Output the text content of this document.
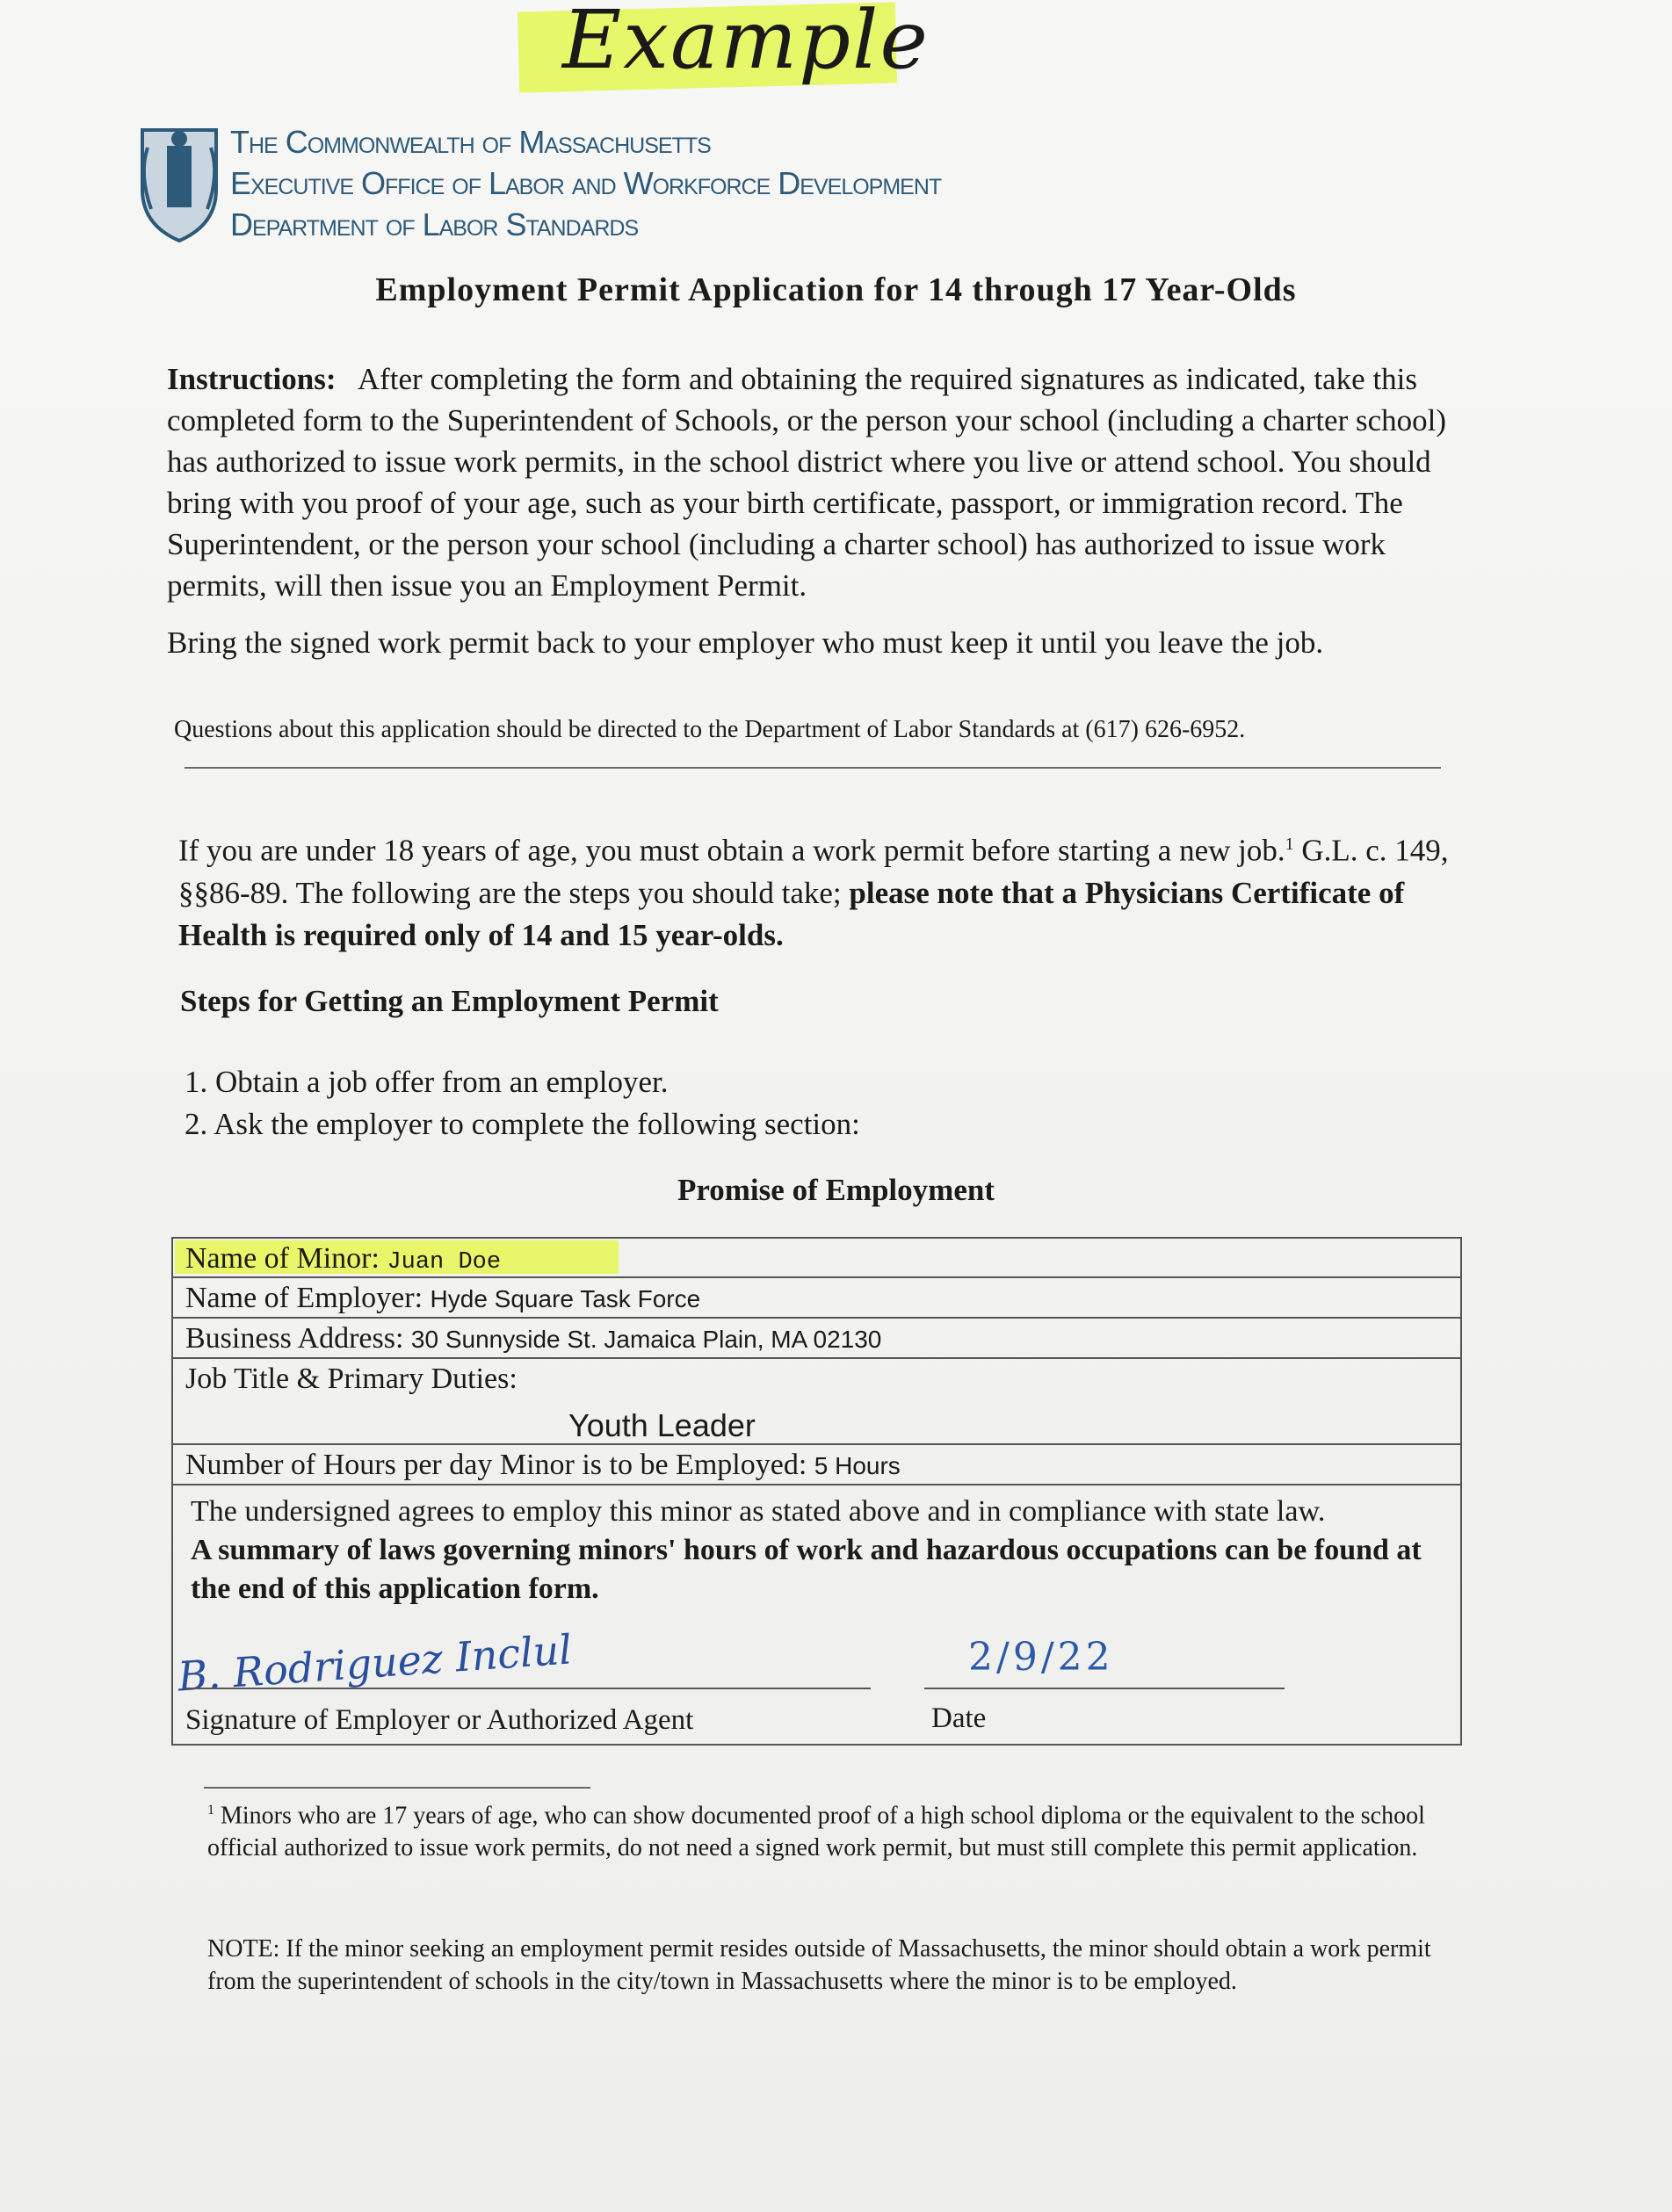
Example
The Commonwealth of Massachusetts
Executive Office of Labor and Workforce Development
Department of Labor Standards
Employment Permit Application for 14 through 17 Year-Olds
Instructions: After completing the form and obtaining the required signatures as indicated, take this completed form to the Superintendent of Schools, or the person your school (including a charter school) has authorized to issue work permits, in the school district where you live or attend school. You should bring with you proof of your age, such as your birth certificate, passport, or immigration record. The Superintendent, or the person your school (including a charter school) has authorized to issue work permits, will then issue you an Employment Permit.
Bring the signed work permit back to your employer who must keep it until you leave the job.
Questions about this application should be directed to the Department of Labor Standards at (617) 626-6952.
If you are under 18 years of age, you must obtain a work permit before starting a new job.$^1$ G.L. c. 149, §§86-89. The following are the steps you should take; please note that a Physicians Certificate of Health is required only of 14 and 15 year-olds.
Steps for Getting an Employment Permit
1. Obtain a job offer from an employer.
2. Ask the employer to complete the following section:
Promise of Employment
Name of Minor: Juan Doe
Name of Employer: Hyde Square Task Force
Business Address: 30 Sunnyside St. Jamaica Plain, MA 02130
Job Title & Primary Duties:
Youth Leader
Number of Hours per day Minor is to be Employed: 5 Hours
The undersigned agrees to employ this minor as stated above and in compliance with state law.
A summary of laws governing minors' hours of work and hazardous occupations can be found at the end of this application form.
B. Rodriguez Inclul	2/9/22
Signature of Employer or Authorized Agent	Date
$^1$ Minors who are 17 years of age, who can show documented proof of a high school diploma or the equivalent to the school official authorized to issue work permits, do not need a signed work permit, but must still complete this permit application.
NOTE: If the minor seeking an employment permit resides outside of Massachusetts, the minor should obtain a work permit from the superintendent of schools in the city/town in Massachusetts where the minor is to be employed.
